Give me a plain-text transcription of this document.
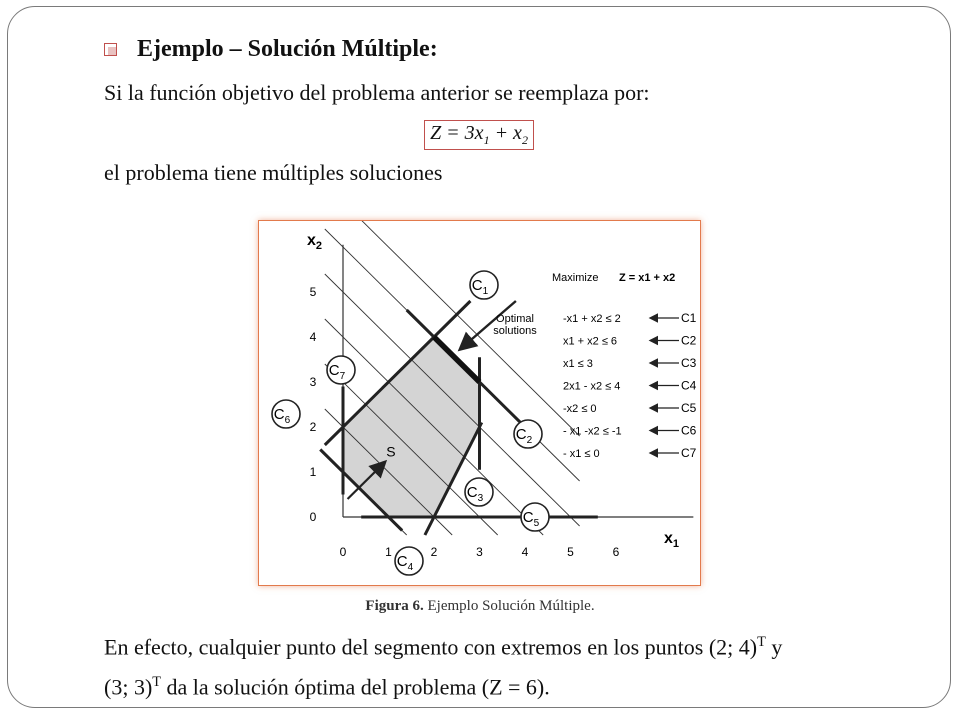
Ejemplo – Solución Múltiple:
Si la función objetivo del problema anterior se reemplaza por:
$Z = 3x_1 + x_2$
el problema tiene múltiples soluciones
0	1	2	3	4	5	6
0
1
2
3
4
5
$x_1$
$x_2$
S
Optimal
solutions
$C_1$
$C_7$
$C_6$
$C_2$
$C_3$
$C_5$
$C_4$
Maximize Z = x1 + x2
-x1 + x2 ≤ 2	C1
x1 + x2 ≤ 6	C2
x1 ≤ 3	C3
2x1 - x2 ≤ 4	C4
-x2 ≤ 0	C5
- x1 -x2 ≤ -1	C6
- x1 ≤ 0	C7
Figura 6. Ejemplo Solución Múltiple.
En efecto, cualquier punto del segmento con extremos en los puntos (2; 4)$^T$ y
(3; 3)$^T$ da la solución óptima del problema (Z = 6).
